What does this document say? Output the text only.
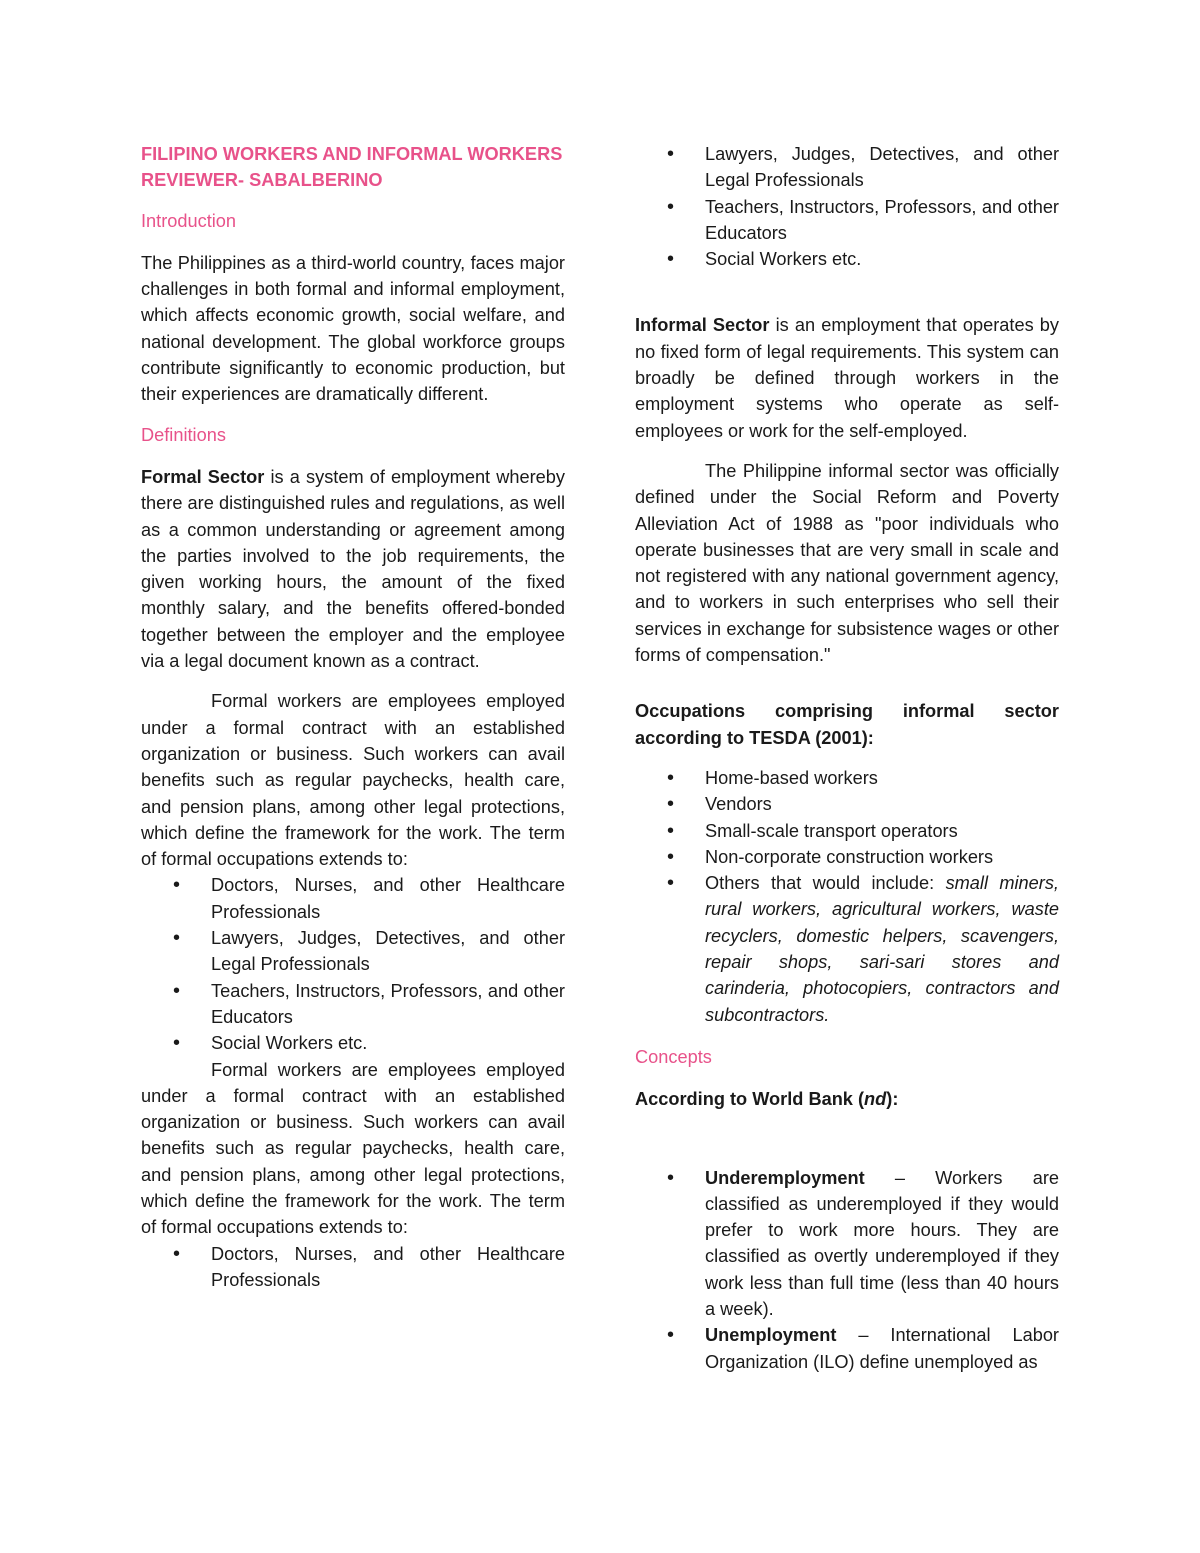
FILIPINO WORKERS AND INFORMAL WORKERS REVIEWER- SABALBERINO

Introduction

The Philippines as a third-world country, faces major challenges in both formal and informal employment, which affects economic growth, social welfare, and national development. The global workforce groups contribute significantly to economic production, but their experiences are dramatically different.

Definitions

Formal Sector is a system of employment whereby there are distinguished rules and regulations, as well as a common understanding or agreement among the parties involved to the job requirements, the given working hours, the amount of the fixed monthly salary, and the benefits offered-bonded together between the employer and the employee via a legal document known as a contract.

Formal workers are employees employed under a formal contract with an established organization or business. Such workers can avail benefits such as regular paychecks, health care, and pension plans, among other legal protections, which define the framework for the work. The term of formal occupations extends to:

• Doctors, Nurses, and other Healthcare Professionals
• Lawyers, Judges, Detectives, and other Legal Professionals
• Teachers, Instructors, Professors, and other Educators
• Social Workers etc.

Formal workers are employees employed under a formal contract with an established organization or business. Such workers can avail benefits such as regular paychecks, health care, and pension plans, among other legal protections, which define the framework for the work. The term of formal occupations extends to:

• Doctors, Nurses, and other Healthcare Professionals
• Lawyers, Judges, Detectives, and other Legal Professionals
• Teachers, Instructors, Professors, and other Educators
• Social Workers etc.

Informal Sector is an employment that operates by no fixed form of legal requirements. This system can broadly be defined through workers in the employment systems who operate as self-employees or work for the self-employed.

The Philippine informal sector was officially defined under the Social Reform and Poverty Alleviation Act of 1988 as "poor individuals who operate businesses that are very small in scale and not registered with any national government agency, and to workers in such enterprises who sell their services in exchange for subsistence wages or other forms of compensation."

Occupations comprising informal sector according to TESDA (2001):

• Home-based workers
• Vendors
• Small-scale transport operators
• Non-corporate construction workers
• Others that would include: small miners, rural workers, agricultural workers, waste recyclers, domestic helpers, scavengers, repair shops, sari-sari stores and carinderia, photocopiers, contractors and subcontractors.

Concepts

According to World Bank (nd):

• Underemployment – Workers are classified as underemployed if they would prefer to work more hours. They are classified as overtly underemployed if they work less than full time (less than 40 hours a week).
• Unemployment – International Labor Organization (ILO) define unemployed as
